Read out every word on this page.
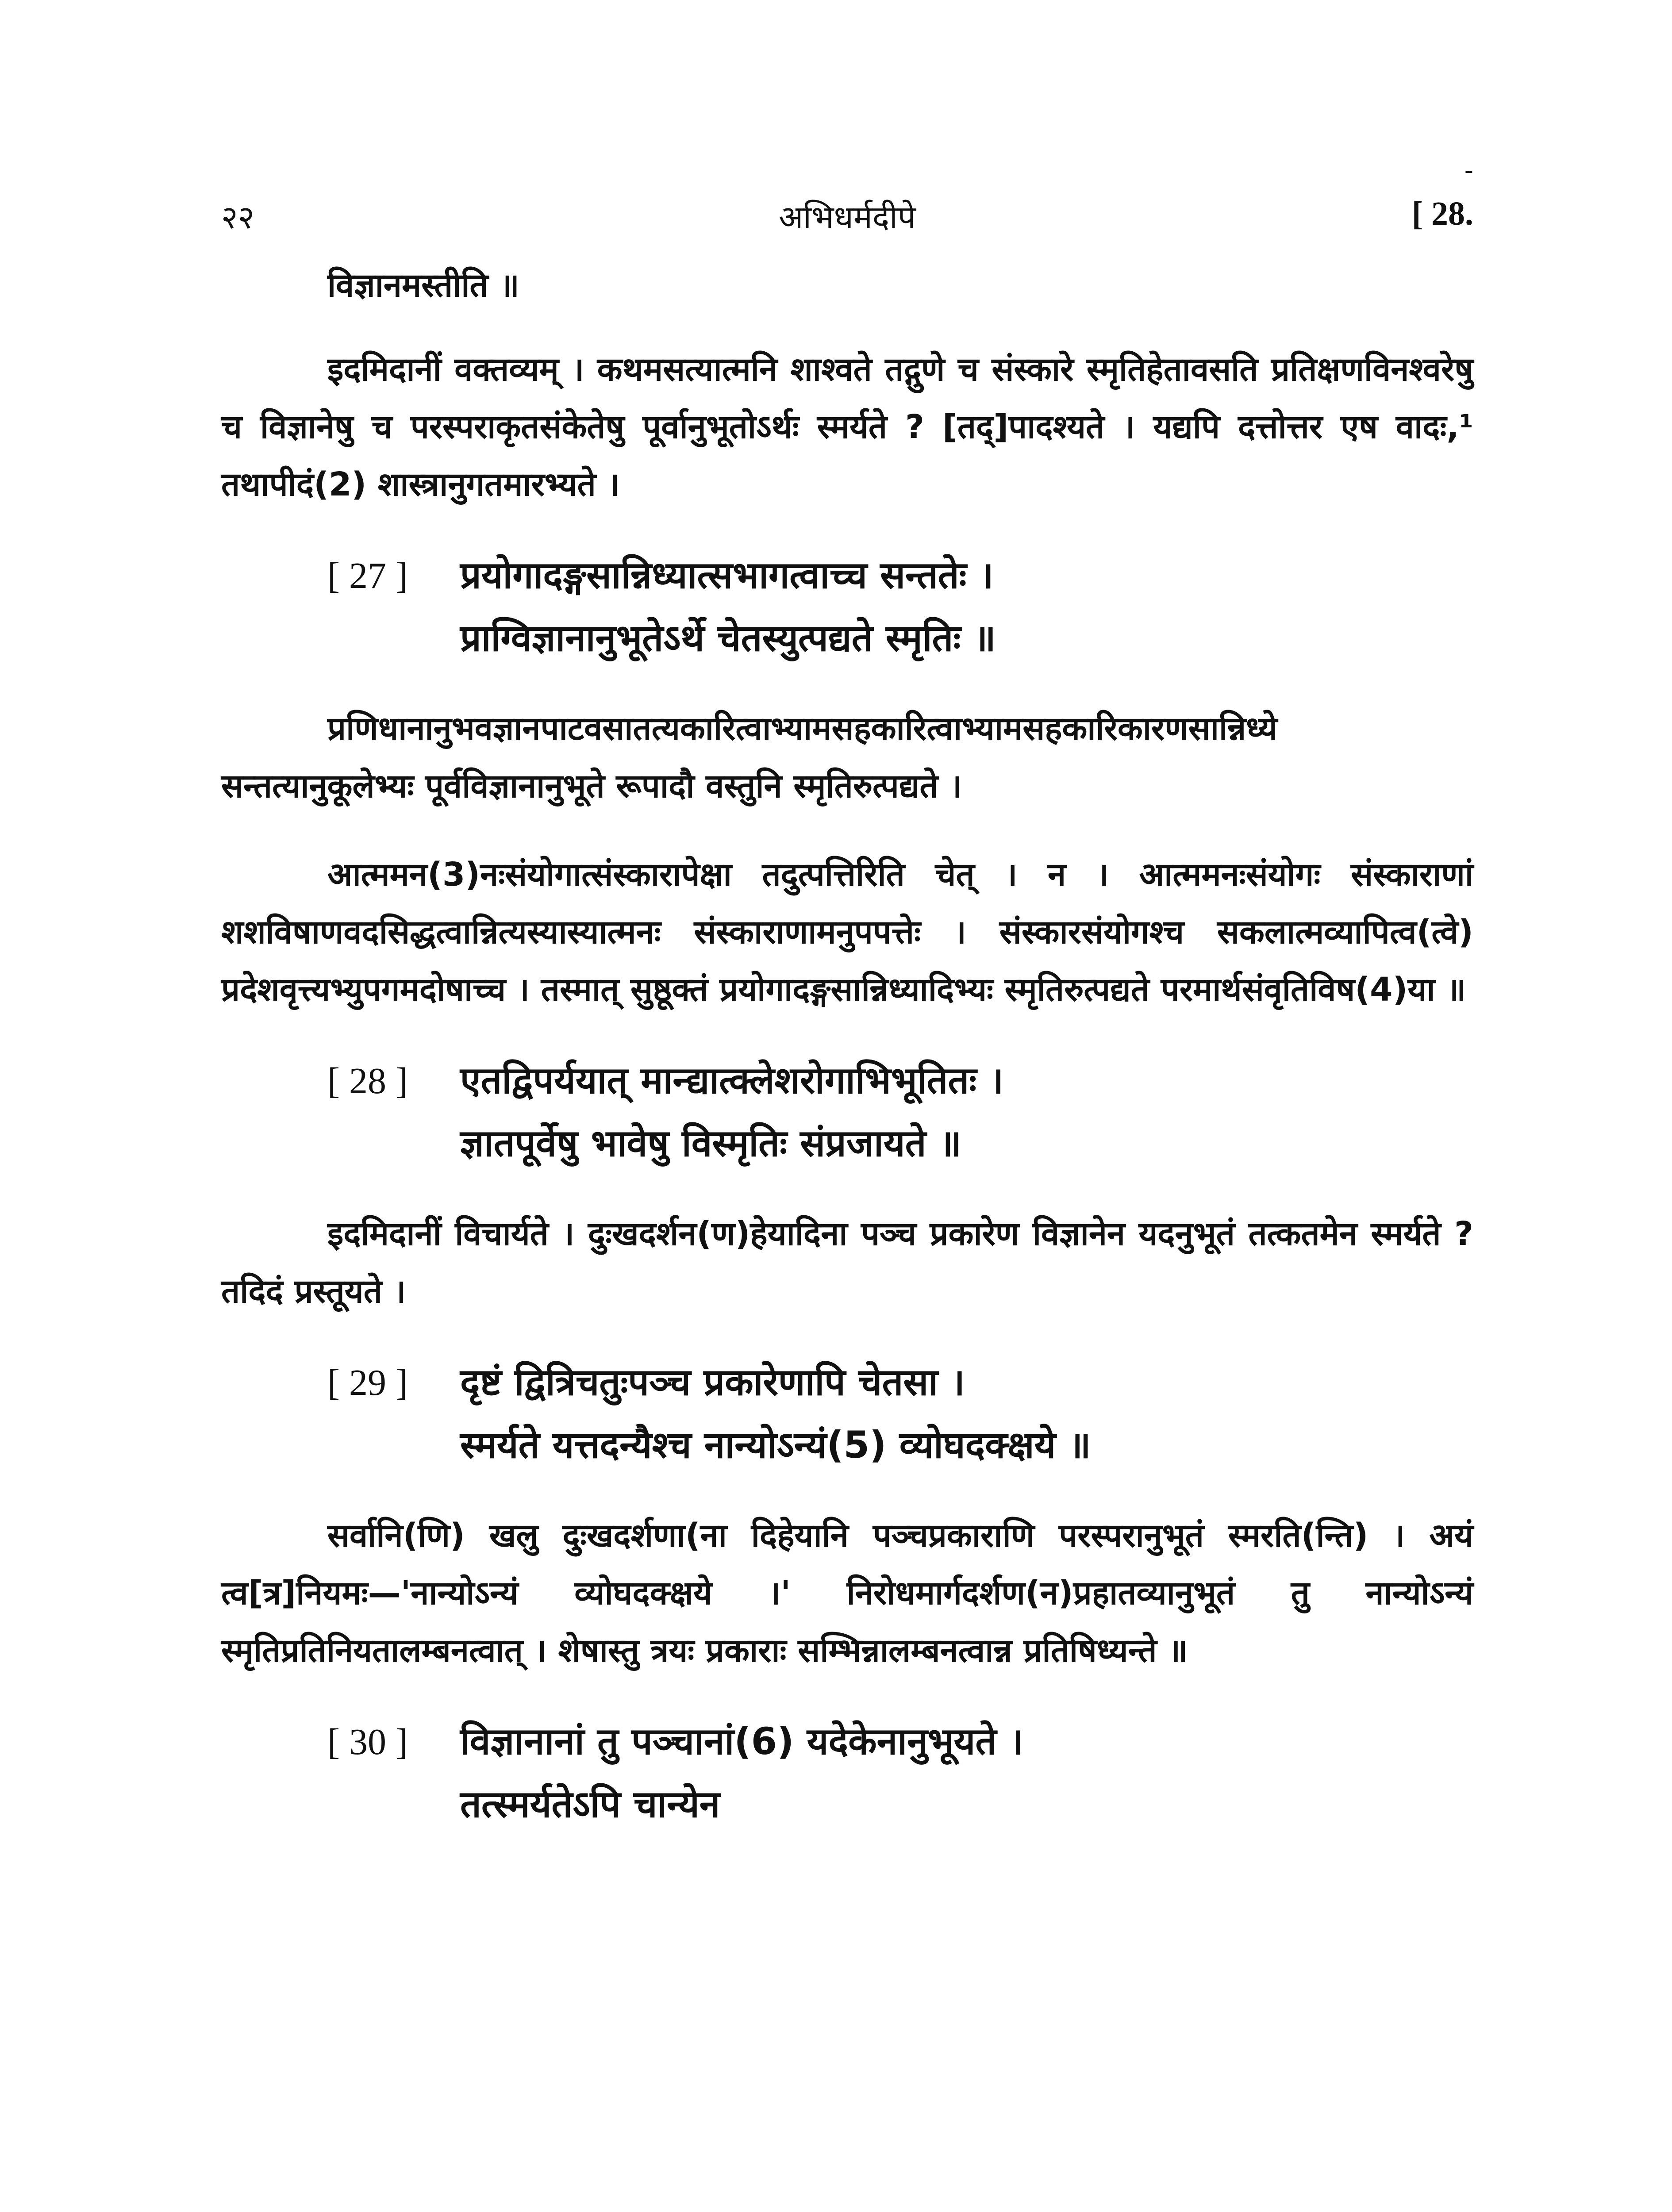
२२	अभिधर्मदीपे
-
[ 28.

विज्ञानमस्तीति ॥

इदमिदानीं वक्तव्यम् । कथमसत्यात्मनि शाश्वते तद्गुणे च संस्कारे स्मृतिहेतावसति प्रतिक्षणविनश्वरेषु च विज्ञानेषु च परस्पराकृतसंकेतेषु पूर्वानुभूतोऽर्थः स्मर्यते ? [तद्]पादश्यते । यद्यपि दत्तोत्तर एष वादः,¹ तथापीदं(2) शास्त्रानुगतमारभ्यते ।

[ 27 ] प्रयोगादङ्गसान्निध्यात्सभागत्वाच्च सन्ततेः ।
प्राग्विज्ञानानुभूतेऽर्थे चेतस्युत्पद्यते स्मृतिः ॥

प्रणिधानानुभवज्ञानपाटवसातत्यकारित्वाभ्यामसहकारित्वाभ्यामसहकारिकारणसान्निध्ये सन्तत्यानुकूलेभ्यः पूर्वविज्ञानानुभूते रूपादौ वस्तुनि स्मृतिरुत्पद्यते ।

आत्ममन(3)नःसंयोगात्संस्कारापेक्षा तदुत्पत्तिरिति चेत् । न । आत्ममनःसंयोगः संस्काराणां शशविषाणवदसिद्धत्वान्नित्यस्यास्यात्मनः संस्काराणामनुपपत्तेः । संस्कारसंयोगश्च सकलात्मव्यापित्व(त्वे) प्रदेशवृत्त्यभ्युपगमदोषाच्च । तस्मात् सुष्ठूक्तं प्रयोगादङ्गसान्निध्यादिभ्यः स्मृतिरुत्पद्यते परमार्थसंवृतिविष(4)या ॥

[ 28 ] एतद्विपर्ययात् मान्द्यात्क्लेशरोगाभिभूतितः ।
ज्ञातपूर्वेषु भावेषु विस्मृतिः संप्रजायते ॥

इदमिदानीं विचार्यते । दुःखदर्शन(ण)हेयादिना पञ्च प्रकारेण विज्ञानेन यदनुभूतं तत्कतमेन स्मर्यते ? तदिदं प्रस्तूयते ।

[ 29 ] दृष्टं द्वित्रिचतुःपञ्च प्रकारेणापि चेतसा ।
स्मर्यते यत्तदन्यैश्च नान्योऽन्यं(5) व्योघदक्क्षये ॥

सर्वानि(णि) खलु दुःखदर्शणा(ना दिहेयानि पञ्चप्रकाराणि परस्परानुभूतं स्मरति(न्ति) । अयं त्व[त्र]नियमः—'नान्योऽन्यं व्योघदक्क्षये ।' निरोधमार्गदर्शण(न)प्रहातव्यानुभूतं तु नान्योऽन्यं स्मृतिप्रतिनियतालम्बनत्वात् । शेषास्तु त्रयः प्रकाराः सम्भिन्नालम्बनत्वान्न प्रतिषिध्यन्ते ॥

[ 30 ] विज्ञानानां तु पञ्चानां(6) यदेकेनानुभूयते ।
तत्स्मर्यतेऽपि चान्येन
